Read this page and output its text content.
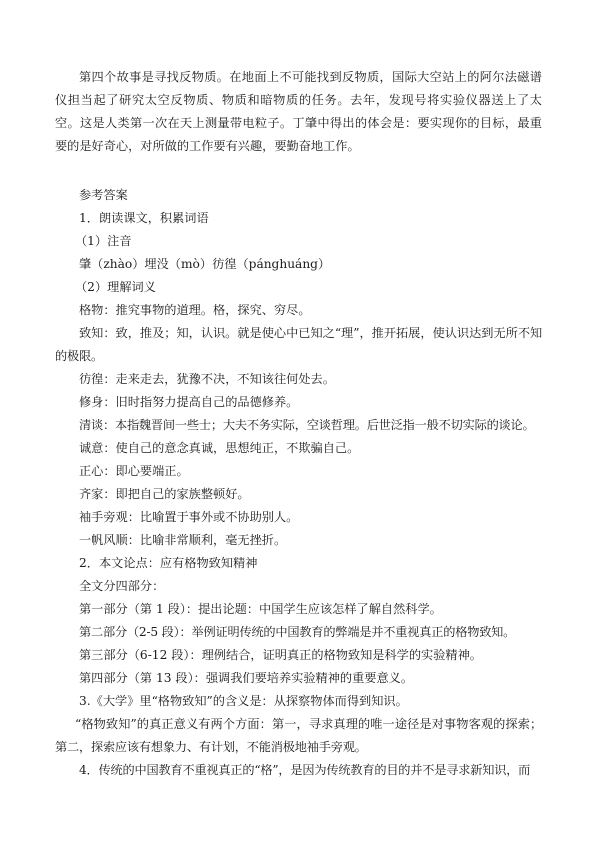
第四个故事是寻找反物质。在地面上不可能找到反物质，国际大空站上的阿尔法磁谱仪担当起了研究太空反物质、物质和暗物质的任务。去年，发现号将实验仪器送上了太空。这是人类第一次在天上测量带电粒子。丁肇中得出的体会是：要实现你的目标，最重要的是好奇心，对所做的工作要有兴趣，要勤奋地工作。

参考答案

1．朗读课文，积累词语

（1）注音

肇（zhào）埋没（mò）彷徨（pánghuáng）

（2）理解词义

格物：推究事物的道理。格，探究、穷尽。

致知：致，推及；知，认识。就是使心中已知之“理”，推开拓展，使认识达到无所不知的极限。

彷徨：走来走去，犹豫不决，不知该往何处去。

修身：旧时指努力提高自己的品德修养。

清谈：本指魏晋间一些士；大夫不务实际，空谈哲理。后世泛指一般不切实际的谈论。

诚意：使自己的意念真诚，思想纯正，不欺骗自己。

正心：即心要端正。

齐家：即把自己的家族整顿好。

袖手旁观：比喻置于事外或不协助别人。

一帆风顺：比喻非常顺利，毫无挫折。

2．本文论点：应有格物致知精神

全文分四部分：

第一部分（第 1 段）：提出论题：中国学生应该怎样了解自然科学。

第二部分（2-5 段）：举例证明传统的中国教育的弊端是并不重视真正的格物致知。

第三部分（6-12 段）：理例结合，证明真正的格物致知是科学的实验精神。

第四部分（第 13 段）：强调我们要培养实验精神的重要意义。

3.《大学》里“格物致知”的含义是：从探察物体而得到知识。

“格物致知”的真正意义有两个方面：第一，寻求真理的唯一途径是对事物客观的探索；第二，探索应该有想象力、有计划，不能消极地袖手旁观。

4．传统的中国教育不重视真正的“格”，是因为传统教育的目的并不是寻求新知识，而
